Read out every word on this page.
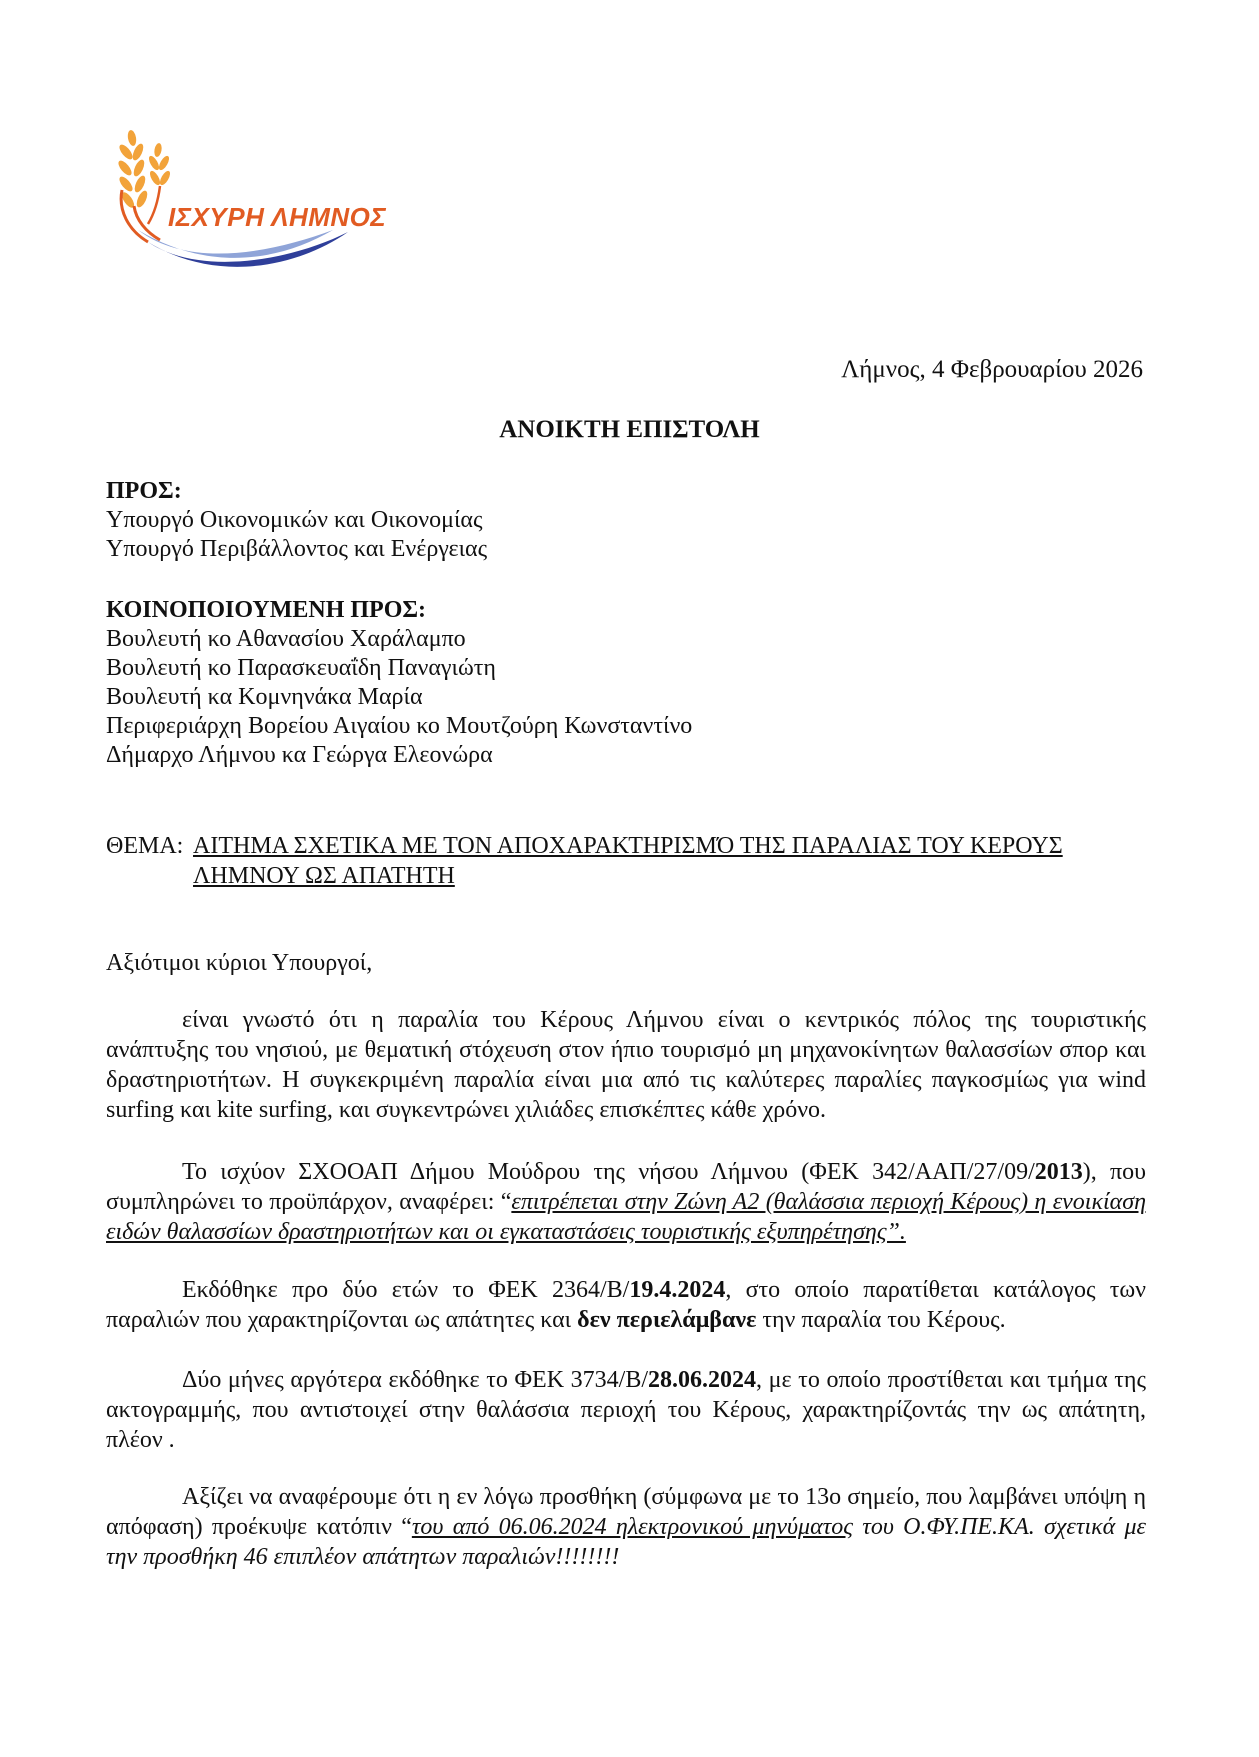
ΙΣΧΥΡΗ ΛΗΜΝΟΣ
Λήμνος, 4 Φεβρουαρίου 2026
ΑΝΟΙΚΤΗ ΕΠΙΣΤΟΛΗ
ΠΡΟΣ:
Υπουργό Οικονομικών και Οικονομίας
Υπουργό Περιβάλλοντος και Ενέργειας
ΚΟΙΝΟΠΟΙΟΥΜΕΝΗ ΠΡΟΣ:
Βουλευτή κο Αθανασίου Χαράλαμπο
Βουλευτή κο Παρασκευαΐδη Παναγιώτη
Βουλευτή κα Κομνηνάκα Μαρία
Περιφεριάρχη Βορείου Αιγαίου κο Μουτζούρη Κωνσταντίνο
Δήμαρχο Λήμνου κα Γεώργα Ελεονώρα
ΘΕΜΑ: ΑΙΤΗΜΑ ΣΧΕΤΙΚΑ ΜΕ ΤΟΝ ΑΠΟΧΑΡΑΚΤΗΡΙΣΜΌ ΤΗΣ ΠΑΡΑΛΙΑΣ ΤΟΥ ΚΕΡΟΥΣ ΛΗΜΝΟΥ ΩΣ ΑΠΑΤΗΤΗ
Αξιότιμοι κύριοι Υπουργοί,

είναι γνωστό ότι η παραλία του Κέρους Λήμνου είναι ο κεντρικός πόλος της τουριστικής ανάπτυξης του νησιού, με θεματική στόχευση στον ήπιο τουρισμό μη μηχανοκίνητων θαλασσίων σπορ και δραστηριοτήτων. Η συγκεκριμένη παραλία είναι μια από τις καλύτερες παραλίες παγκοσμίως για wind surfing και kite surfing, και συγκεντρώνει χιλιάδες επισκέπτες κάθε χρόνο.

Το ισχύον ΣΧΟΟΑΠ Δήμου Μούδρου της νήσου Λήμνου (ΦΕΚ 342/ΑΑΠ/27/09/2013), που συμπληρώνει το προϋπάρχον, αναφέρει: “επιτρέπεται στην Ζώνη Α2 (θαλάσσια περιοχή Κέρους) η ενοικίαση ειδών θαλασσίων δραστηριοτήτων και οι εγκαταστάσεις τουριστικής εξυπηρέτησης”.

Εκδόθηκε προ δύο ετών το ΦΕΚ 2364/Β/19.4.2024, στο οποίο παρατίθεται κατάλογος των παραλιών που χαρακτηρίζονται ως απάτητες και δεν περιελάμβανε την παραλία του Κέρους.

Δύο μήνες αργότερα εκδόθηκε το ΦΕΚ 3734/Β/28.06.2024, με το οποίο προστίθεται και τμήμα της ακτογραμμής, που αντιστοιχεί στην θαλάσσια περιοχή του Κέρους, χαρακτηρίζοντάς την ως απάτητη, πλέον .

Αξίζει να αναφέρουμε ότι η εν λόγω προσθήκη (σύμφωνα με το 13ο σημείο, που λαμβάνει υπόψη η απόφαση) προέκυψε κατόπιν “του από 06.06.2024 ηλεκτρονικού μηνύματος του Ο.ΦΥ.ΠΕ.ΚΑ. σχετικά με την προσθήκη 46 επιπλέον απάτητων παραλιών!!!!!!!!
